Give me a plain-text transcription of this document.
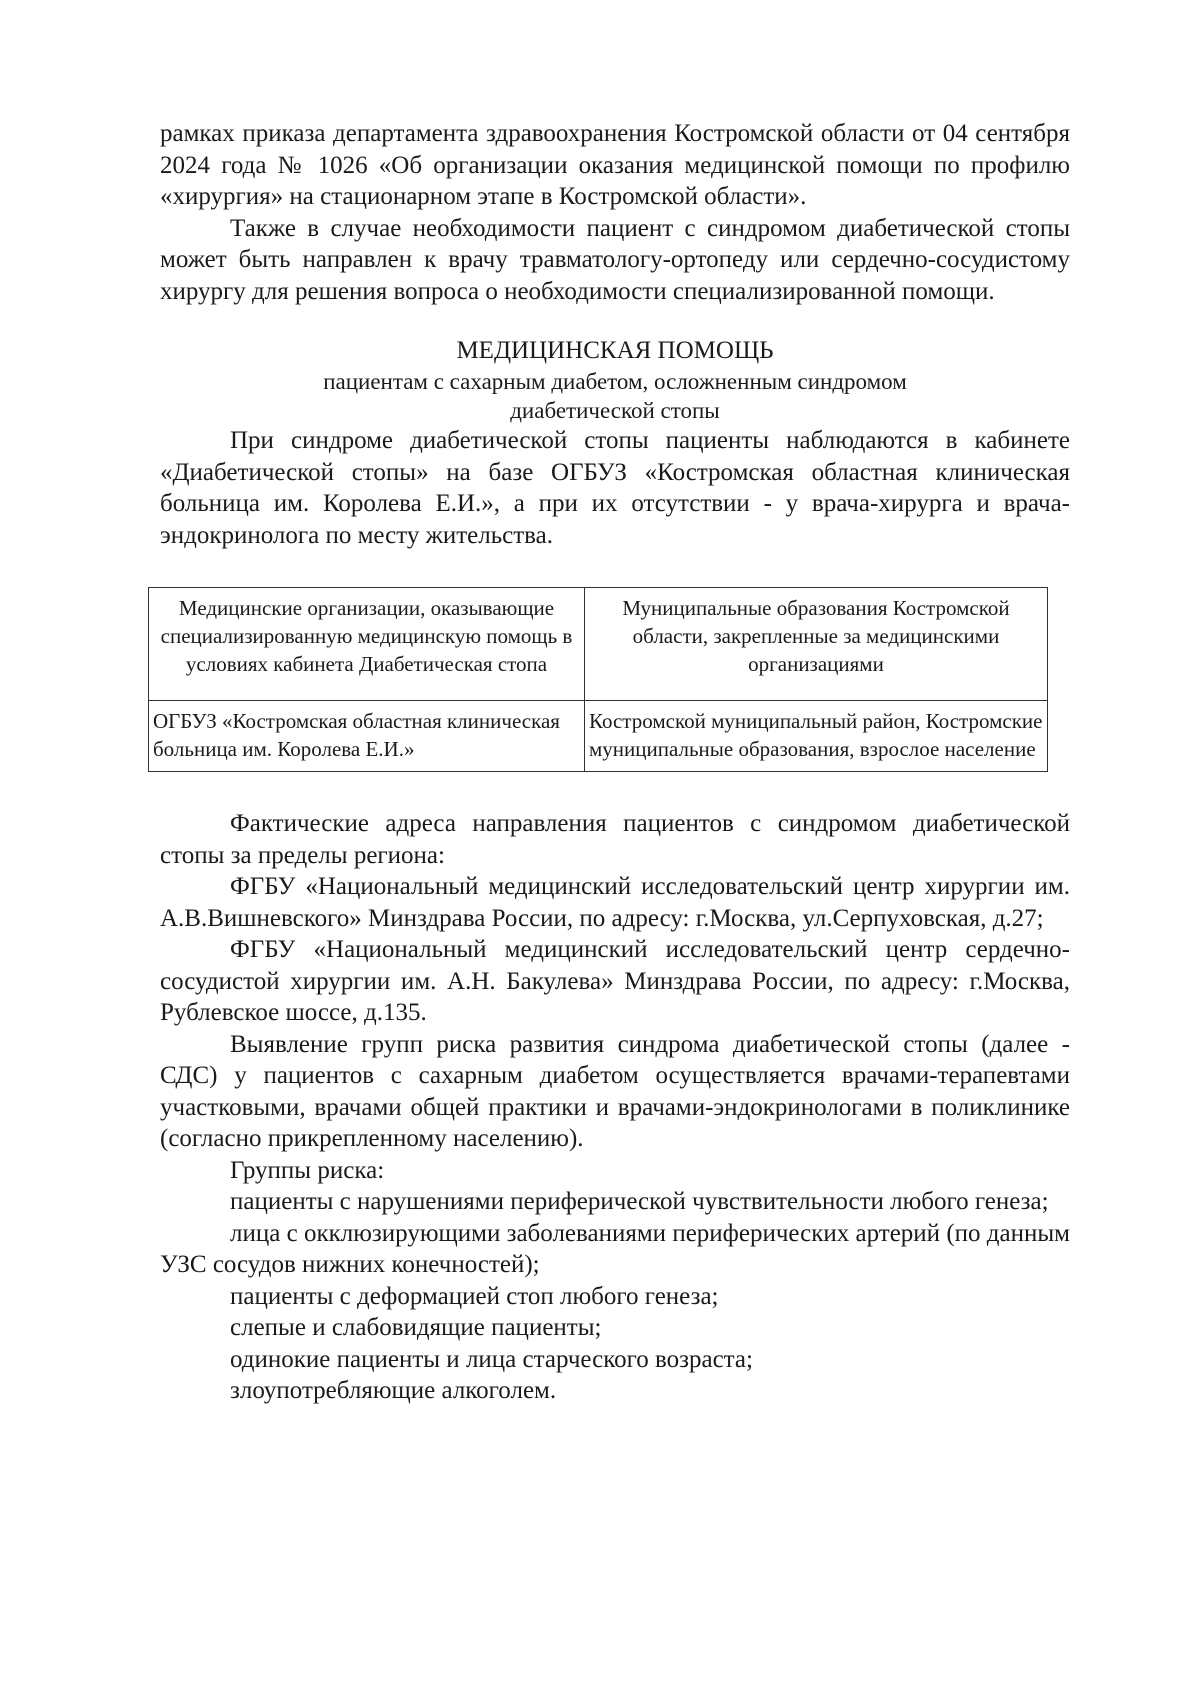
рамках приказа департамента здравоохранения Костромской области от 04 сентября 2024 года № 1026 «Об организации оказания медицинской помощи по профилю «хирургия» на стационарном этапе в Костромской области».

Также в случае необходимости пациент с синдромом диабетической стопы может быть направлен к врачу травматологу-ортопеду или сердечно-сосудистому хирургу для решения вопроса о необходимости специализированной помощи.

МЕДИЦИНСКАЯ ПОМОЩЬ

пациентам с сахарным диабетом, осложненным синдромом

диабетической стопы

При синдроме диабетической стопы пациенты наблюдаются в кабинете «Диабетической стопы» на базе ОГБУЗ «Костромская областная клиническая больница им. Королева Е.И.», а при их отсутствии - у врача-хирурга и врача-эндокринолога по месту жительства.

Медицинские организации, оказывающие специализированную медицинскую помощь в условиях кабинета Диабетическая стопа	Муниципальные образования Костромской области, закрепленные за медицинскими организациями
ОГБУЗ «Костромская областная клиническая больница им. Королева Е.И.»	Костромской муниципальный район, Костромские муниципальные образования, взрослое население

Фактические адреса направления пациентов с синдромом диабетической стопы за пределы региона:

ФГБУ «Национальный медицинский исследовательский центр хирургии им. А.В.Вишневского» Минздрава России, по адресу: г.Москва, ул.Серпуховская, д.27;

ФГБУ «Национальный медицинский исследовательский центр сердечно-сосудистой хирургии им. А.Н. Бакулева» Минздрава России, по адресу: г.Москва, Рублевское шоссе, д.135.

Выявление групп риска развития синдрома диабетической стопы (далее - СДС) у пациентов с сахарным диабетом осуществляется врачами-терапевтами участковыми, врачами общей практики и врачами-эндокринологами в поликлинике (согласно прикрепленному населению).

Группы риска:

пациенты с нарушениями периферической чувствительности любого генеза;

лица с окклюзирующими заболеваниями периферических артерий (по данным УЗС сосудов нижних конечностей);

пациенты с деформацией стоп любого генеза;

слепые и слабовидящие пациенты;

одинокие пациенты и лица старческого возраста;

злоупотребляющие алкоголем.
